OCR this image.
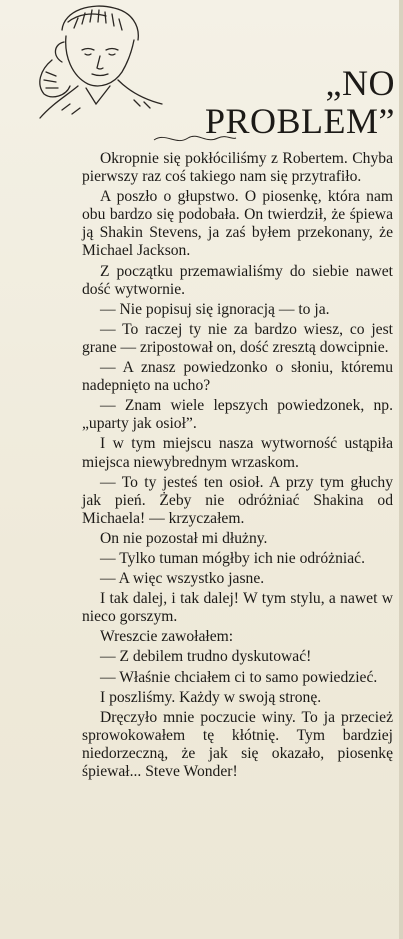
„NO
PROBLEM”

Okropnie się pokłóciliśmy z Robertem. Chyba pierwszy raz coś takiego nam się przytrafiło.

A poszło o głupstwo. O piosenkę, która nam obu bardzo się podobała. On twierdził, że śpiewa ją Shakin Stevens, ja zaś byłem przekonany, że Michael Jackson.

Z początku przemawialiśmy do siebie nawet dość wytwornie.

— Nie popisuj się ignoracją — to ja.

— To raczej ty nie za bardzo wiesz, co jest grane — zripostował on, dość zresztą dowcipnie.

— A znasz powiedzonko o słoniu, któremu nadepnięto na ucho?

— Znam wiele lepszych powiedzonek, np. „uparty jak osioł”.

I w tym miejscu nasza wytworność ustąpiła miejsca niewybrednym wrzaskom.

— To ty jesteś ten osioł. A przy tym głuchy jak pień. Żeby nie odróżniać Shakina od Michaela! — krzyczałem.

On nie pozostał mi dłużny.

— Tylko tuman mógłby ich nie odróżniać.

— A więc wszystko jasne.

I tak dalej, i tak dalej! W tym stylu, a nawet w nieco gorszym.

Wreszcie zawołałem:

— Z debilem trudno dyskutować!

— Właśnie chciałem ci to samo powiedzieć.

I poszliśmy. Każdy w swoją stronę.

Dręczyło mnie poczucie winy. To ja przecież sprowokowałem tę kłótnię. Tym bardziej niedorzeczną, że jak się okazało, piosenkę śpiewał... Steve Wonder!
